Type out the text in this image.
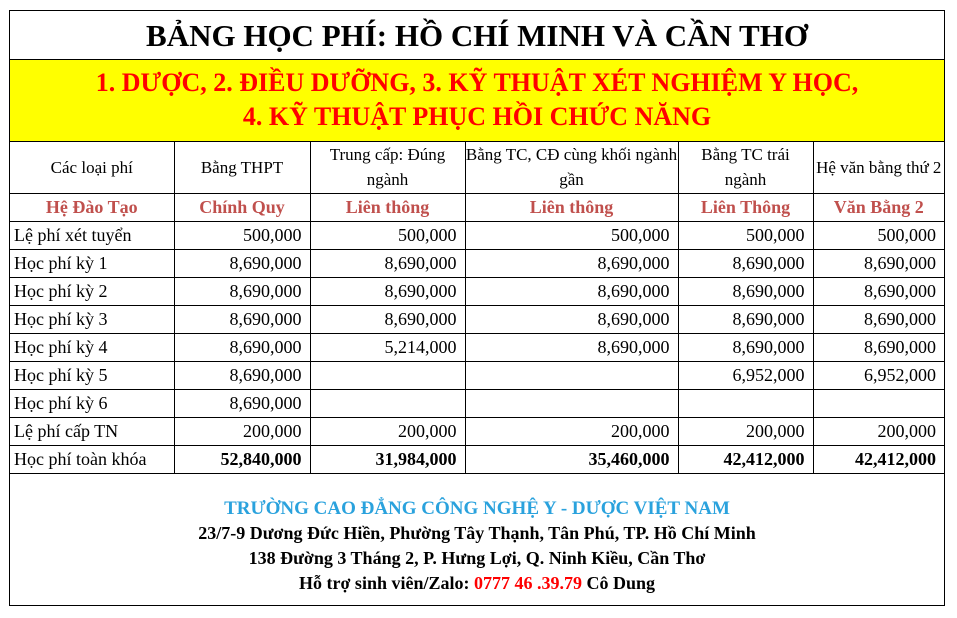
BẢNG HỌC PHÍ: HỒ CHÍ MINH VÀ CẦN THƠ
1. DƯỢC, 2. ĐIỀU DƯỠNG, 3. KỸ THUẬT XÉT NGHIỆM Y HỌC,
4. KỸ THUẬT PHỤC HỒI CHỨC NĂNG
Các loại phí	Bằng THPT	Trung cấp: Đúng ngành	Bằng TC, CĐ cùng khối ngành gần	Bằng TC trái ngành	Hệ văn bằng thứ 2
Hệ Đào Tạo	Chính Quy	Liên thông	Liên thông	Liên Thông	Văn Bằng 2
Lệ phí xét tuyển	500,000	500,000	500,000	500,000	500,000
Học phí kỳ 1	8,690,000	8,690,000	8,690,000	8,690,000	8,690,000
Học phí kỳ 2	8,690,000	8,690,000	8,690,000	8,690,000	8,690,000
Học phí kỳ 3	8,690,000	8,690,000	8,690,000	8,690,000	8,690,000
Học phí kỳ 4	8,690,000	5,214,000	8,690,000	8,690,000	8,690,000
Học phí kỳ 5	8,690,000			6,952,000	6,952,000
Học phí kỳ 6	8,690,000				
Lệ phí cấp TN	200,000	200,000	200,000	200,000	200,000
Học phí toàn khóa	52,840,000	31,984,000	35,460,000	42,412,000	42,412,000
TRƯỜNG CAO ĐẲNG CÔNG NGHỆ Y - DƯỢC VIỆT NAM
23/7-9 Dương Đức Hiền, Phường Tây Thạnh, Tân Phú, TP. Hồ Chí Minh
138 Đường 3 Tháng 2, P. Hưng Lợi, Q. Ninh Kiều, Cần Thơ
Hỗ trợ sinh viên/Zalo: 0777 46 .39.79 Cô Dung
